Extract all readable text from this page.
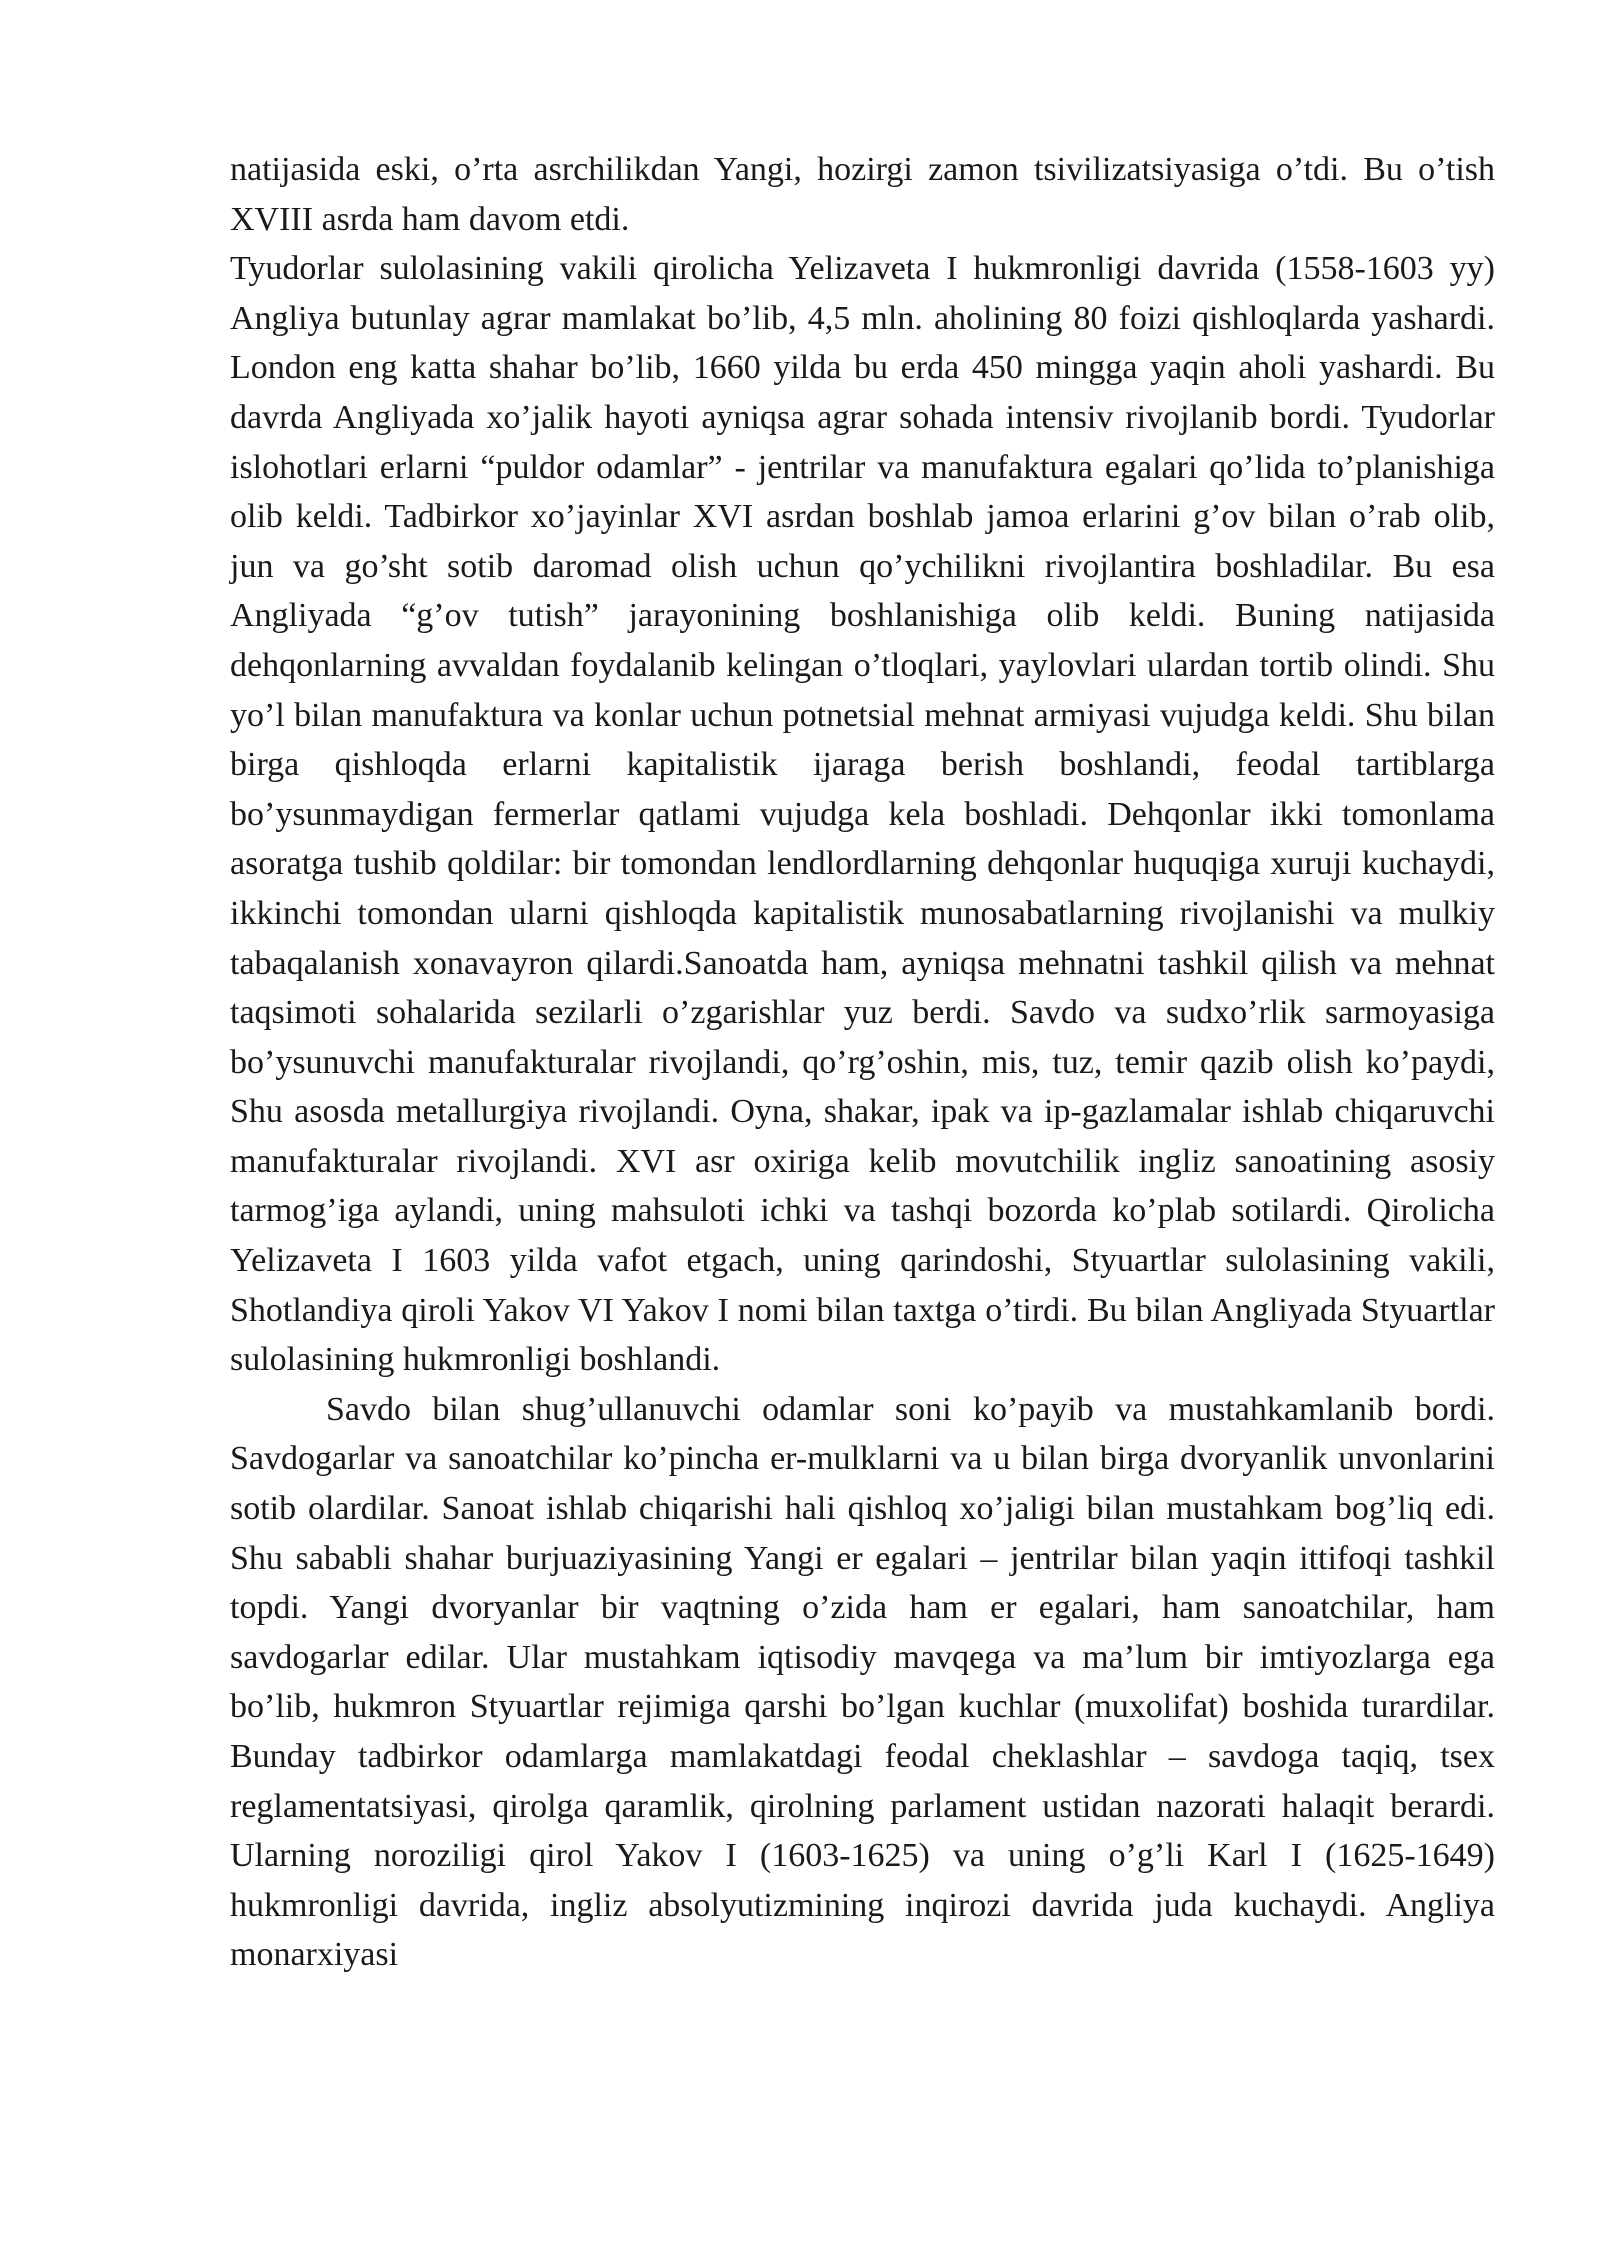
natijasida eski, o’rta asrchilikdan Yangi, hozirgi zamon tsivilizatsiyasiga o’tdi. Bu o’tish XVIII asrda ham davom etdi.

Tyudorlar sulolasining vakili qirolicha Yelizaveta I hukmronligi davrida (1558-1603 yy) Angliya butunlay agrar mamlakat bo’lib, 4,5 mln. aholining 80 foizi qishloqlarda yashardi. London eng katta shahar bo’lib, 1660 yilda bu erda 450 mingga yaqin aholi yashardi. Bu davrda Angliyada xo’jalik hayoti ayniqsa agrar sohada intensiv rivojlanib bordi. Tyudorlar islohotlari erlarni “puldor odamlar” - jentrilar va manufaktura egalari qo’lida to’planishiga olib keldi. Tadbirkor xo’jayinlar XVI asrdan boshlab jamoa erlarini g’ov bilan o’rab olib, jun va go’sht sotib daromad olish uchun qo’ychilikni rivojlantira boshladilar. Bu esa Angliyada “g’ov tutish” jarayonining boshlanishiga olib keldi. Buning natijasida dehqonlarning avvaldan foydalanib kelingan o’tloqlari, yaylovlari ulardan tortib olindi. Shu yo’l bilan manufaktura va konlar uchun potnetsial mehnat armiyasi vujudga keldi. Shu bilan birga qishloqda erlarni kapitalistik ijaraga berish boshlandi, feodal tartiblarga bo’ysunmaydigan fermerlar qatlami vujudga kela boshladi. Dehqonlar ikki tomonlama asoratga tushib qoldilar: bir tomondan lendlordlarning dehqonlar huquqiga xuruji kuchaydi, ikkinchi tomondan ularni qishloqda kapitalistik munosabatlarning rivojlanishi va mulkiy tabaqalanish xonavayron qilardi.Sanoatda ham, ayniqsa mehnatni tashkil qilish va mehnat taqsimoti sohalarida sezilarli o’zgarishlar yuz berdi. Savdo va sudxo’rlik sarmoyasiga bo’ysunuvchi manufakturalar rivojlandi, qo’rg’oshin, mis, tuz, temir qazib olish ko’paydi, Shu asosda metallurgiya rivojlandi. Oyna, shakar, ipak va ip-gazlamalar ishlab chiqaruvchi manufakturalar rivojlandi. XVI asr oxiriga kelib movutchilik ingliz sanoatining asosiy tarmog’iga aylandi, uning mahsuloti ichki va tashqi bozorda ko’plab sotilardi. Qirolicha Yelizaveta I 1603 yilda vafot etgach, uning qarindoshi, Styuartlar sulolasining vakili, Shotlandiya qiroli Yakov VI Yakov I nomi bilan taxtga o’tirdi. Bu bilan Angliyada Styuartlar sulolasining hukmronligi boshlandi.

Savdo bilan shug’ullanuvchi odamlar soni ko’payib va mustahkamlanib bordi. Savdogarlar va sanoatchilar ko’pincha er-mulklarni va u bilan birga dvoryanlik unvonlarini sotib olardilar. Sanoat ishlab chiqarishi hali qishloq xo’jaligi bilan mustahkam bog’liq edi. Shu sababli shahar burjuaziyasining Yangi er egalari – jentrilar bilan yaqin ittifoqi tashkil topdi. Yangi dvoryanlar bir vaqtning o’zida ham er egalari, ham sanoatchilar, ham savdogarlar edilar. Ular mustahkam iqtisodiy mavqega va ma’lum bir imtiyozlarga ega bo’lib, hukmron Styuartlar rejimiga qarshi bo’lgan kuchlar (muxolifat) boshida turardilar. Bunday tadbirkor odamlarga mamlakatdagi feodal cheklashlar – savdoga taqiq, tsex reglamentatsiyasi, qirolga qaramlik, qirolning parlament ustidan nazorati halaqit berardi. Ularning noroziligi qirol Yakov I (1603-1625) va uning o’g’li Karl I (1625-1649) hukmronligi davrida, ingliz absolyutizmining inqirozi davrida juda kuchaydi. Angliya monarxiyasi
